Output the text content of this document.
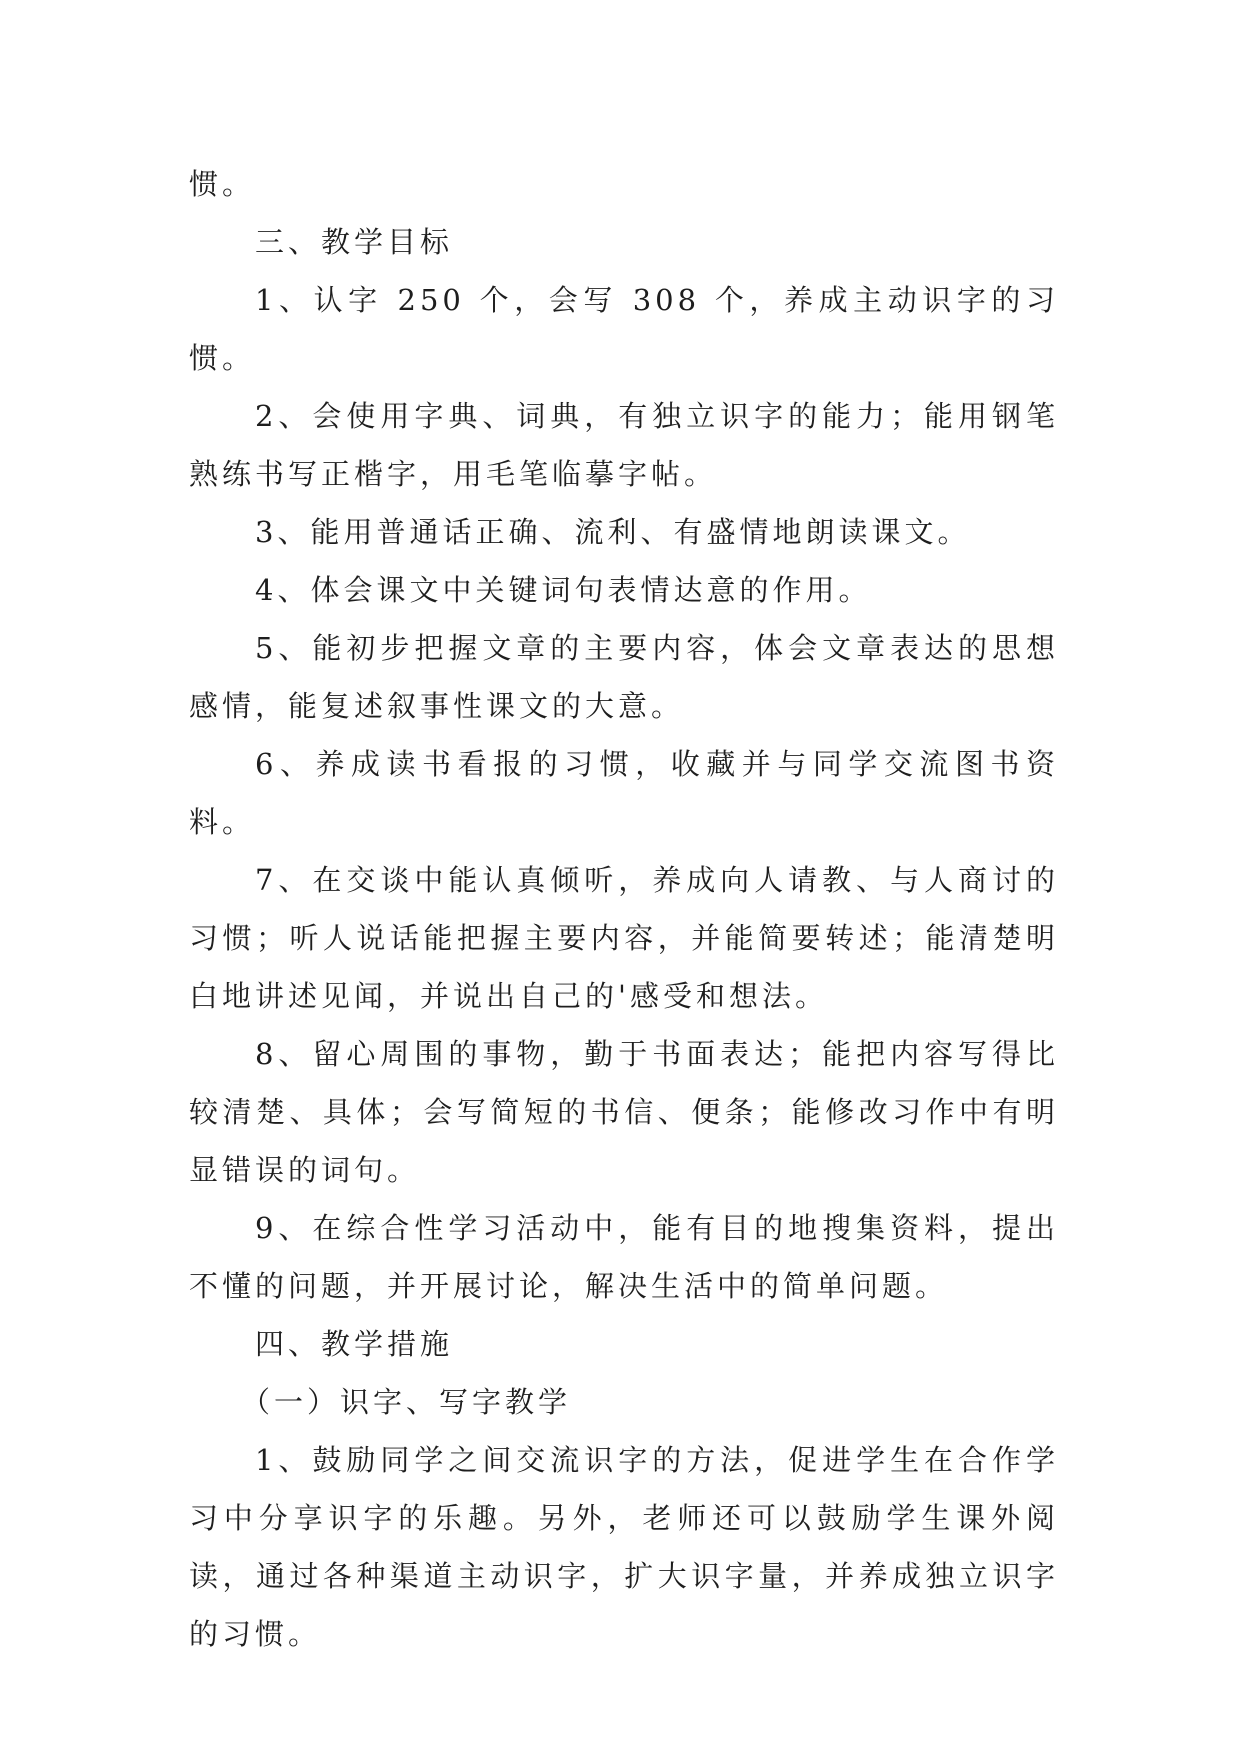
惯。

三、教学目标

1、认字 250 个，会写 308 个，养成主动识字的习惯。

2、会使用字典、词典，有独立识字的能力；能用钢笔熟练书写正楷字，用毛笔临摹字帖。

3、能用普通话正确、流利、有盛情地朗读课文。

4、体会课文中关键词句表情达意的作用。

5、能初步把握文章的主要内容，体会文章表达的思想感情，能复述叙事性课文的大意。

6、养成读书看报的习惯，收藏并与同学交流图书资料。

7、在交谈中能认真倾听，养成向人请教、与人商讨的习惯；听人说话能把握主要内容，并能简要转述；能清楚明白地讲述见闻，并说出自己的'感受和想法。

8、留心周围的事物，勤于书面表达；能把内容写得比较清楚、具体；会写简短的书信、便条；能修改习作中有明显错误的词句。

9、在综合性学习活动中，能有目的地搜集资料，提出不懂的问题，并开展讨论，解决生活中的简单问题。

四、教学措施

（一）识字、写字教学

1、鼓励同学之间交流识字的方法，促进学生在合作学习中分享识字的乐趣。另外，老师还可以鼓励学生课外阅读，通过各种渠道主动识字，扩大识字量，并养成独立识字的习惯。
